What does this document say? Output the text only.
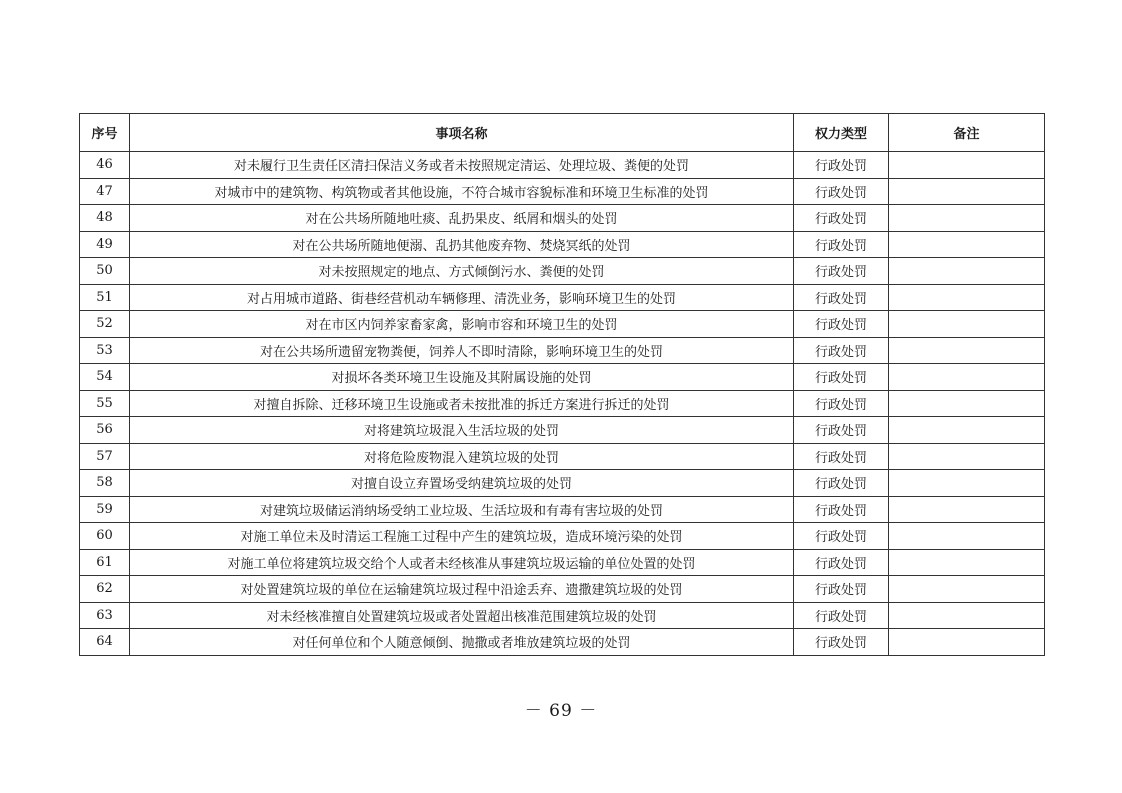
序号	事项名称	权力类型	备注
46	对未履行卫生责任区清扫保洁义务或者未按照规定清运、处理垃圾、粪便的处罚	行政处罚	
47	对城市中的建筑物、构筑物或者其他设施，不符合城市容貌标准和环境卫生标准的处罚	行政处罚	
48	对在公共场所随地吐痰、乱扔果皮、纸屑和烟头的处罚	行政处罚	
49	对在公共场所随地便溺、乱扔其他废弃物、焚烧冥纸的处罚	行政处罚	
50	对未按照规定的地点、方式倾倒污水、粪便的处罚	行政处罚	
51	对占用城市道路、街巷经营机动车辆修理、清洗业务，影响环境卫生的处罚	行政处罚	
52	对在市区内饲养家畜家禽，影响市容和环境卫生的处罚	行政处罚	
53	对在公共场所遗留宠物粪便，饲养人不即时清除，影响环境卫生的处罚	行政处罚	
54	对损坏各类环境卫生设施及其附属设施的处罚	行政处罚	
55	对擅自拆除、迁移环境卫生设施或者未按批准的拆迁方案进行拆迁的处罚	行政处罚	
56	对将建筑垃圾混入生活垃圾的处罚	行政处罚	
57	对将危险废物混入建筑垃圾的处罚	行政处罚	
58	对擅自设立弃置场受纳建筑垃圾的处罚	行政处罚	
59	对建筑垃圾储运消纳场受纳工业垃圾、生活垃圾和有毒有害垃圾的处罚	行政处罚	
60	对施工单位未及时清运工程施工过程中产生的建筑垃圾，造成环境污染的处罚	行政处罚	
61	对施工单位将建筑垃圾交给个人或者未经核准从事建筑垃圾运输的单位处置的处罚	行政处罚	
62	对处置建筑垃圾的单位在运输建筑垃圾过程中沿途丢弃、遗撒建筑垃圾的处罚	行政处罚	
63	对未经核准擅自处置建筑垃圾或者处置超出核准范围建筑垃圾的处罚	行政处罚	
64	对任何单位和个人随意倾倒、抛撒或者堆放建筑垃圾的处罚	行政处罚	
－ 69 －
